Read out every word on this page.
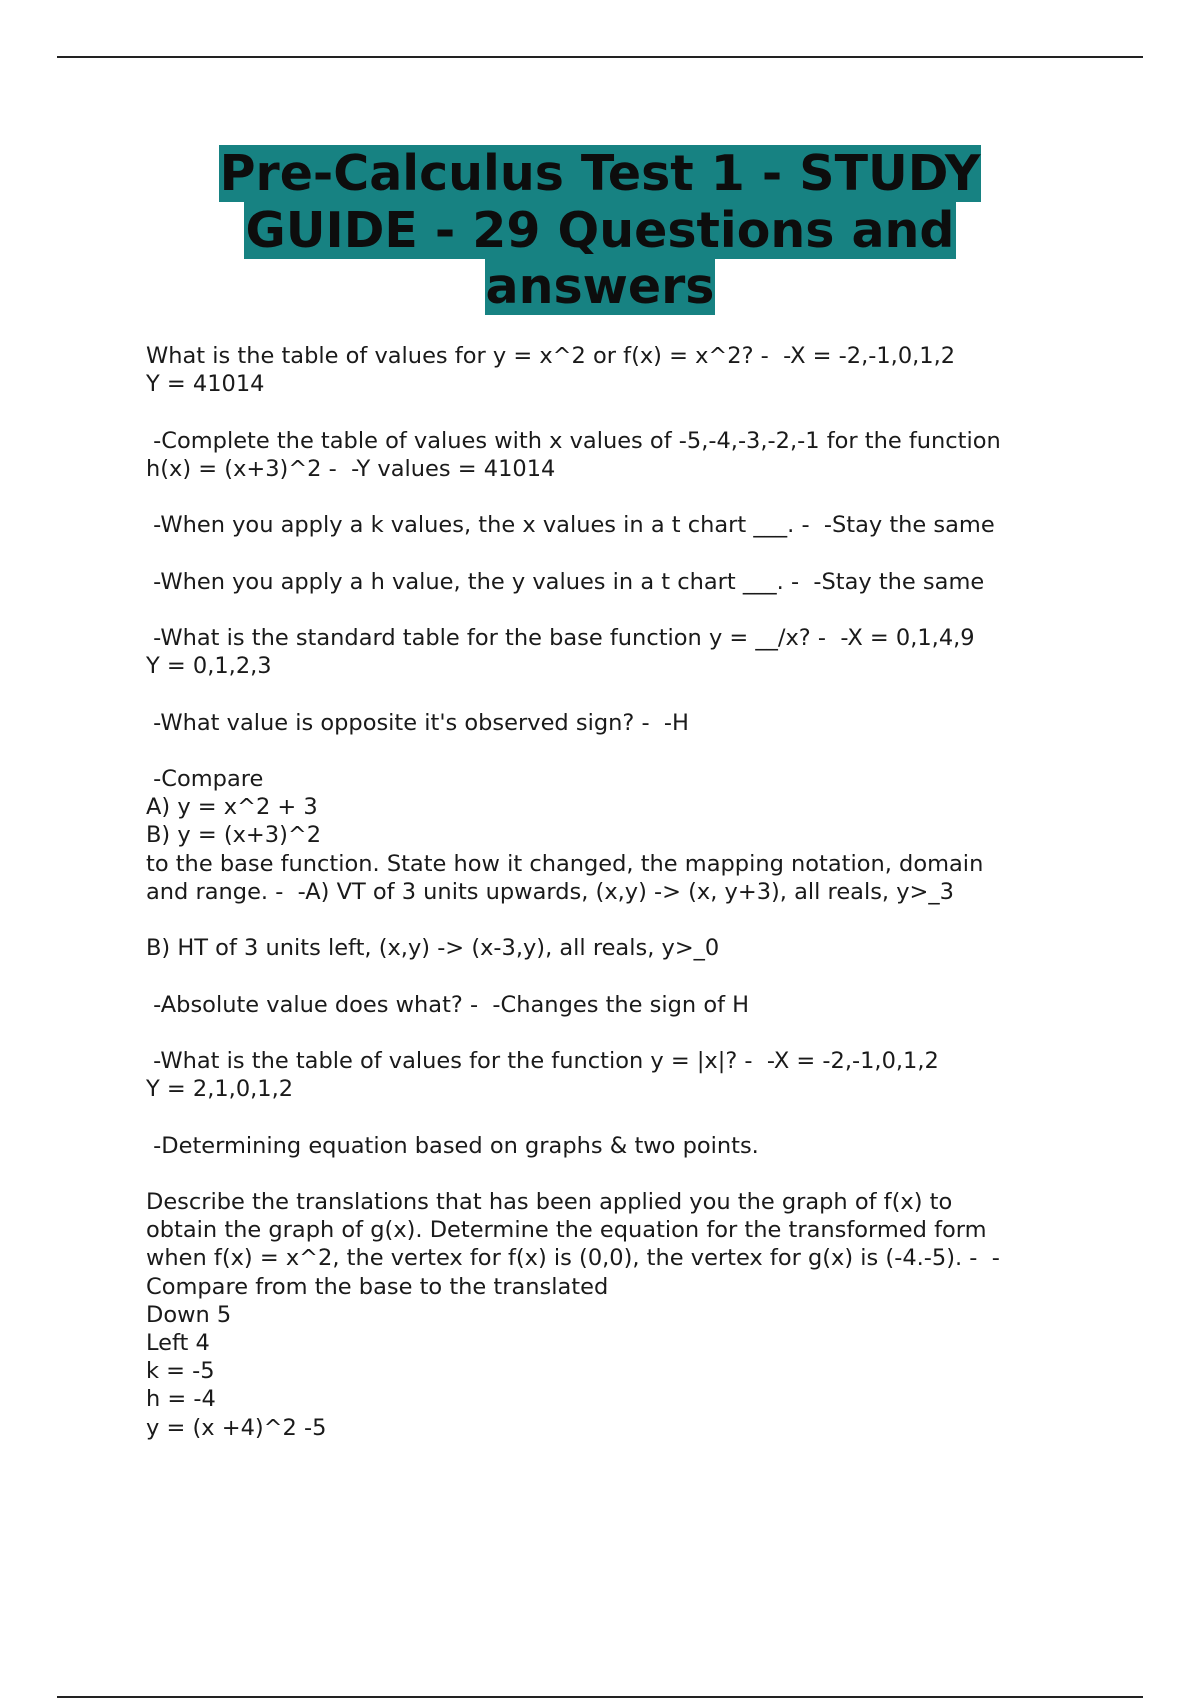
Pre-Calculus Test 1 - STUDY
GUIDE - 29 Questions and
answers
What is the table of values for y = x^2 or f(x) = x^2? -  -X = -2,-1,0,1,2
Y = 41014
-Complete the table of values with x values of -5,-4,-3,-2,-1 for the function
h(x) = (x+3)^2 -  -Y values = 41014
-When you apply a k values, the x values in a t chart ___. -  -Stay the same
-When you apply a h value, the y values in a t chart ___. -  -Stay the same
-What is the standard table for the base function y = __/x? -  -X = 0,1,4,9
Y = 0,1,2,3
-What value is opposite it's observed sign? -  -H
-Compare
A) y = x^2 + 3
B) y = (x+3)^2
to the base function. State how it changed, the mapping notation, domain
and range. -  -A) VT of 3 units upwards, (x,y) -> (x, y+3), all reals, y>_3
B) HT of 3 units left, (x,y) -> (x-3,y), all reals, y>_0
-Absolute value does what? -  -Changes the sign of H
-What is the table of values for the function y = |x|? -  -X = -2,-1,0,1,2
Y = 2,1,0,1,2
-Determining equation based on graphs & two points.
Describe the translations that has been applied you the graph of f(x) to
obtain the graph of g(x). Determine the equation for the transformed form
when f(x) = x^2, the vertex for f(x) is (0,0), the vertex for g(x) is (-4.-5). -  -
Compare from the base to the translated
Down 5
Left 4
k = -5
h = -4
y = (x +4)^2 -5
